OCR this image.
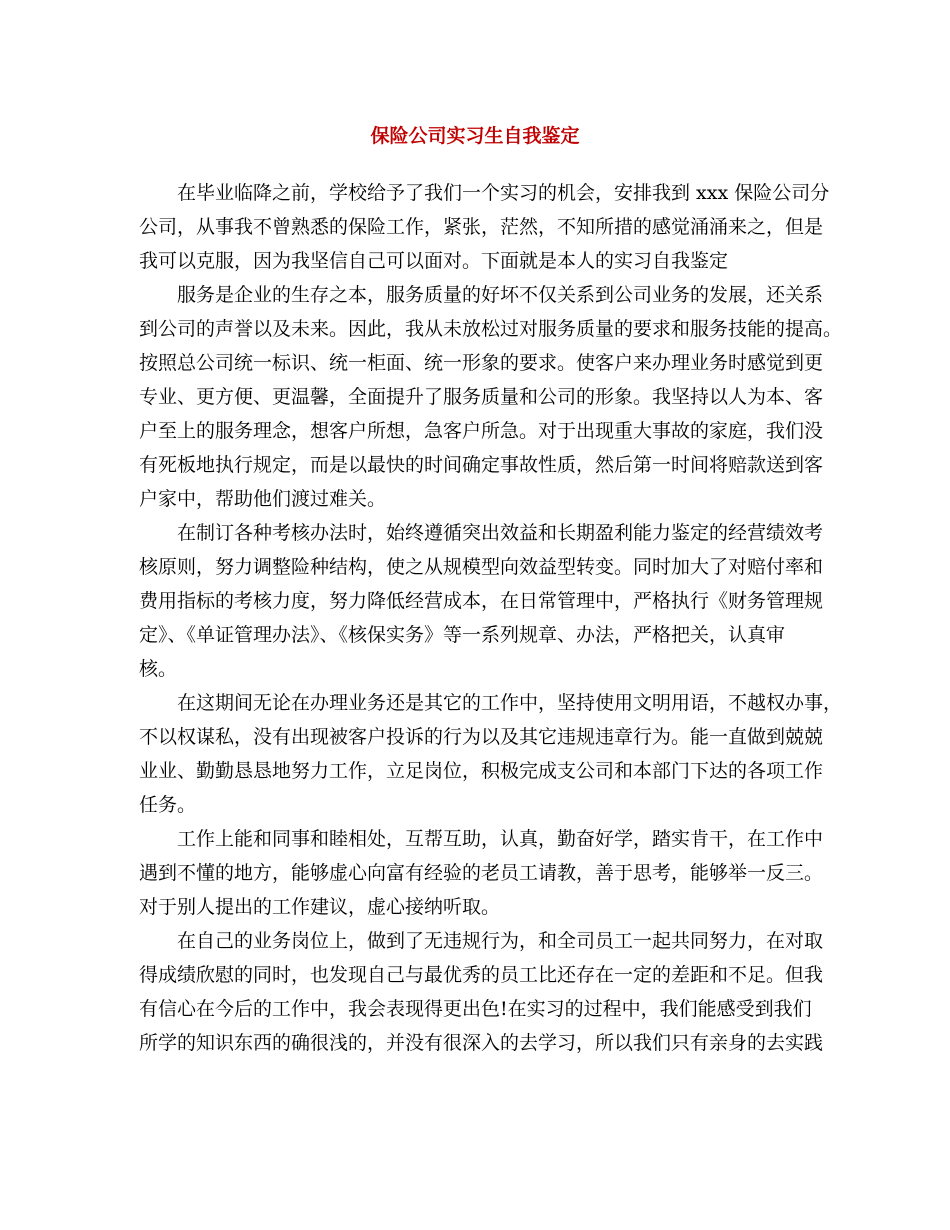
保险公司实习生自我鉴定
在毕业临降之前，学校给予了我们一个实习的机会，安排我到 xxx 保险公司分
公司，从事我不曾熟悉的保险工作，紧张，茫然，不知所措的感觉涌涌来之，但是
我可以克服，因为我坚信自己可以面对。下面就是本人的实习自我鉴定
服务是企业的生存之本，服务质量的好坏不仅关系到公司业务的发展，还关系
到公司的声誉以及未来。因此，我从未放松过对服务质量的要求和服务技能的提高。
按照总公司统一标识、统一柜面、统一形象的要求。使客户来办理业务时感觉到更
专业、更方便、更温馨，全面提升了服务质量和公司的形象。我坚持以人为本、客
户至上的服务理念，想客户所想，急客户所急。对于出现重大事故的家庭，我们没
有死板地执行规定，而是以最快的时间确定事故性质，然后第一时间将赔款送到客
户家中，帮助他们渡过难关。
在制订各种考核办法时，始终遵循突出效益和长期盈利能力鉴定的经营绩效考
核原则，努力调整险种结构，使之从规模型向效益型转变。同时加大了对赔付率和
费用指标的考核力度，努力降低经营成本，在日常管理中，严格执行《财务管理规
定》、《单证管理办法》、《核保实务》等一系列规章、办法，严格把关，认真审
核。
在这期间无论在办理业务还是其它的工作中，坚持使用文明用语，不越权办事，
不以权谋私，没有出现被客户投诉的行为以及其它违规违章行为。能一直做到兢兢
业业、勤勤恳恳地努力工作，立足岗位，积极完成支公司和本部门下达的各项工作
任务。
工作上能和同事和睦相处，互帮互助，认真，勤奋好学，踏实肯干，在工作中
遇到不懂的地方，能够虚心向富有经验的老员工请教，善于思考，能够举一反三。
对于别人提出的工作建议，虚心接纳听取。
在自己的业务岗位上，做到了无违规行为，和全司员工一起共同努力，在对取
得成绩欣慰的同时，也发现自己与最优秀的员工比还存在一定的差距和不足。但我
有信心在今后的工作中，我会表现得更出色!在实习的过程中，我们能感受到我们
所学的知识东西的确很浅的，并没有很深入的去学习，所以我们只有亲身的去实践
